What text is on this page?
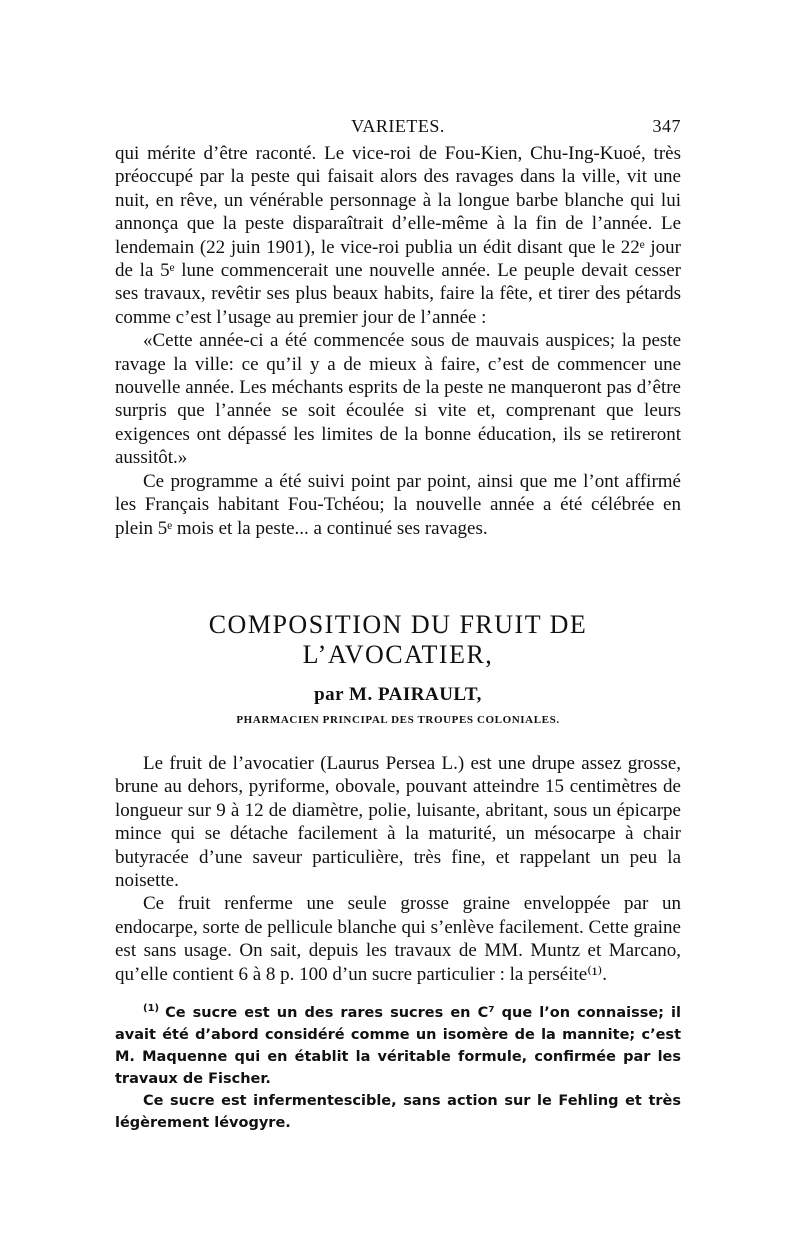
VARIETES.	347

qui mérite d’être raconté. Le vice-roi de Fou-Kien, Chu-Ing-Kuoé, très préoccupé par la peste qui faisait alors des ravages dans la ville, vit une nuit, en rêve, un vénérable personnage à la longue barbe blanche qui lui annonça que la peste disparaîtrait d’elle-même à la fin de l’année. Le lendemain (22 juin 1901), le vice-roi publia un édit disant que le 22ᵉ jour de la 5ᵉ lune commencerait une nouvelle année. Le peuple devait cesser ses travaux, revêtir ses plus beaux habits, faire la fête, et tirer des pétards comme c’est l’usage au premier jour de l’année :

«Cette année-ci a été commencée sous de mauvais auspices; la peste ravage la ville: ce qu’il y a de mieux à faire, c’est de commencer une nouvelle année. Les méchants esprits de la peste ne manqueront pas d’être surpris que l’année se soit écoulée si vite et, comprenant que leurs exigences ont dépassé les limites de la bonne éducation, ils se retireront aussitôt.»

Ce programme a été suivi point par point, ainsi que me l’ont affirmé les Français habitant Fou-Tchéou; la nouvelle année a été célébrée en plein 5ᵉ mois et la peste... a continué ses ravages.

COMPOSITION DU FRUIT DE L’AVOCATIER,
par M. PAIRAULT,
PHARMACIEN PRINCIPAL DES TROUPES COLONIALES.

Le fruit de l’avocatier (Laurus Persea L.) est une drupe assez grosse, brune au dehors, pyriforme, obovale, pouvant atteindre 15 centimètres de longueur sur 9 à 12 de diamètre, polie, luisante, abritant, sous un épicarpe mince qui se détache facilement à la maturité, un mésocarpe à chair butyracée d’une saveur particulière, très fine, et rappelant un peu la noisette.

Ce fruit renferme une seule grosse graine enveloppée par un endocarpe, sorte de pellicule blanche qui s’enlève facilement. Cette graine est sans usage. On sait, depuis les travaux de MM. Muntz et Marcano, qu’elle contient 6 à 8 p. 100 d’un sucre particulier : la perséite⁽¹⁾.

$^{(1)}$ Ce sucre est un des rares sucres en C⁷ que l’on connaisse; il avait été d’abord considéré comme un isomère de la mannite; c’est M. Maquenne qui en établit la véritable formule, confirmée par les travaux de Fischer.

Ce sucre est infermentescible, sans action sur le Fehling et très légèrement lévogyre.
